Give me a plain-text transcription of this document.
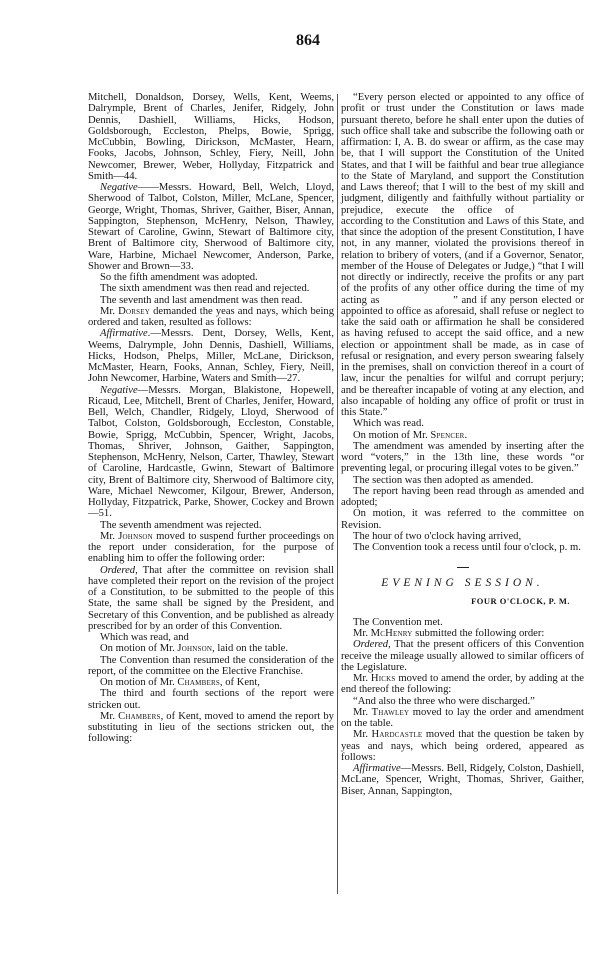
864

Mitchell, Donaldson, Dorsey, Wells, Kent, Weems, Dalrymple, Brent of Charles, Jenifer, Ridgely, John Dennis, Dashiell, Williams, Hicks, Hodson, Goldsborough, Eccleston, Phelps, Bowie, Sprigg, McCubbin, Bowling, Dirickson, McMaster, Hearn, Fooks, Jacobs, Johnson, Schley, Fiery, Neill, John Newcomer, Brewer, Weber, Hollyday, Fitzpatrick and Smith—44.

Negative——Messrs. Howard, Bell, Welch, Lloyd, Sherwood of Talbot, Colston, Miller, McLane, Spencer, George, Wright, Thomas, Shriver, Gaither, Biser, Annan, Sappington, Stephenson, McHenry, Nelson, Thawley, Stewart of Caroline, Gwinn, Stewart of Baltimore city, Brent of Baltimore city, Sherwood of Baltimore city, Ware, Harbine, Michael Newcomer, Anderson, Parke, Shower and Brown—33.

So the fifth amendment was adopted.

The sixth amendment was then read and rejected.

The seventh and last amendment was then read.

Mr. Dorsey demanded the yeas and nays, which being ordered and taken, resulted as follows:

Affirmative.—Messrs. Dent, Dorsey, Wells, Kent, Weems, Dalrymple, John Dennis, Dashiell, Williams, Hicks, Hodson, Phelps, Miller, McLane, Dirickson, McMaster, Hearn, Fooks, Annan, Schley, Fiery, Neill, John Newcomer, Harbine, Waters and Smith—27.

Negative—Messrs. Morgan, Blakistone, Hopewell, Ricaud, Lee, Mitchell, Brent of Charles, Jenifer, Howard, Bell, Welch, Chandler, Ridgely, Lloyd, Sherwood of Talbot, Colston, Goldsborough, Eccleston, Constable, Bowie, Sprigg, McCubbin, Spencer, Wright, Jacobs, Thomas, Shriver, Johnson, Gaither, Sappington, Stephenson, McHenry, Nelson, Carter, Thawley, Stewart of Caroline, Hardcastle, Gwinn, Stewart of Baltimore city, Brent of Baltimore city, Sherwood of Baltimore city, Ware, Michael Newcomer, Kilgour, Brewer, Anderson, Hollyday, Fitzpatrick, Parke, Shower, Cockey and Brown —51.

The seventh amendment was rejected.

Mr. Johnson moved to suspend further proceedings on the report under consideration, for the purpose of enabling him to offer the following order:

Ordered, That after the committee on revision shall have completed their report on the revision of the project of a Constitution, to be submitted to the people of this State, the same shall be signed by the President, and Secretary of this Convention, and be published as already prescribed for by an order of this Convention.

Which was read, and

On motion of Mr. Johnson, laid on the table.

The Convention than resumed the consideration of the report, of the committee on the Elective Franchise.

On motion of Mr. Chambers, of Kent,

The third and fourth sections of the report were stricken out.

Mr. Chambers, of Kent, moved to amend the report by substituting in lieu of the sections stricken out, the following:

“Every person elected or appointed to any office of profit or trust under the Constitution or laws made pursuant thereto, before he shall enter upon the duties of such office shall take and subscribe the following oath or affirmation: I, A. B. do swear or affirm, as the case may be, that I will support the Constitution of the United States, and that I will be faithful and bear true allegiance to the State of Maryland, and support the Constitution and Laws thereof; that I will to the best of my skill and judgment, diligently and faithfully without partiality or prejudice, execute the office of according to the Constitution and Laws of this State, and that since the adoption of the present Constitution, I have not, in any manner, violated the provisions thereof in relation to bribery of voters, (and if a Governor, Senator, member of the House of Delegates or Judge,) “that I will not directly or indirectly, receive the profits or any part of the profits of any other office during the time of my acting as	” and if any person elected or appointed to office as aforesaid, shall refuse or neglect to take the said oath or affirmation he shall be considered as having refused to accept the said office, and a new election or appointment shall be made, as in case of refusal or resignation, and every person swearing falsely in the premises, shall on conviction thereof in a court of law, incur the penalties for wilful and corrupt perjury; and be thereafter incapable of voting at any election, and also incapable of holding any office of profit or trust in this State.”

Which was read.

On motion of Mr. Spencer.

The amendment was amended by inserting after the word “voters,” in the 13th line, these words “or preventing legal, or procuring illegal votes to be given.”

The section was then adopted as amended.

The report having been read through as amended and adopted;

On motion, it was referred to the committee on Revision.

The hour of two o'clock having arrived,

The Convention took a recess until four o'clock, p. m.

EVENING SESSION.
FOUR O'CLOCK, P. M.

The Convention met.

Mr. McHenry submitted the following order:

Ordered, That the present officers of this Convention receive the mileage usually allowed to similar officers of the Legislature.

Mr. Hicks moved to amend the order, by adding at the end thereof the following:

“And also the three who were discharged.”

Mr. Thawley moved to lay the order and amendment on the table.

Mr. Hardcastle moved that the question be taken by yeas and nays, which being ordered, appeared as follows:

Affirmative—Messrs. Bell, Ridgely, Colston, Dashiell, McLane, Spencer, Wright, Thomas, Shriver, Gaither, Biser, Annan, Sappington,
